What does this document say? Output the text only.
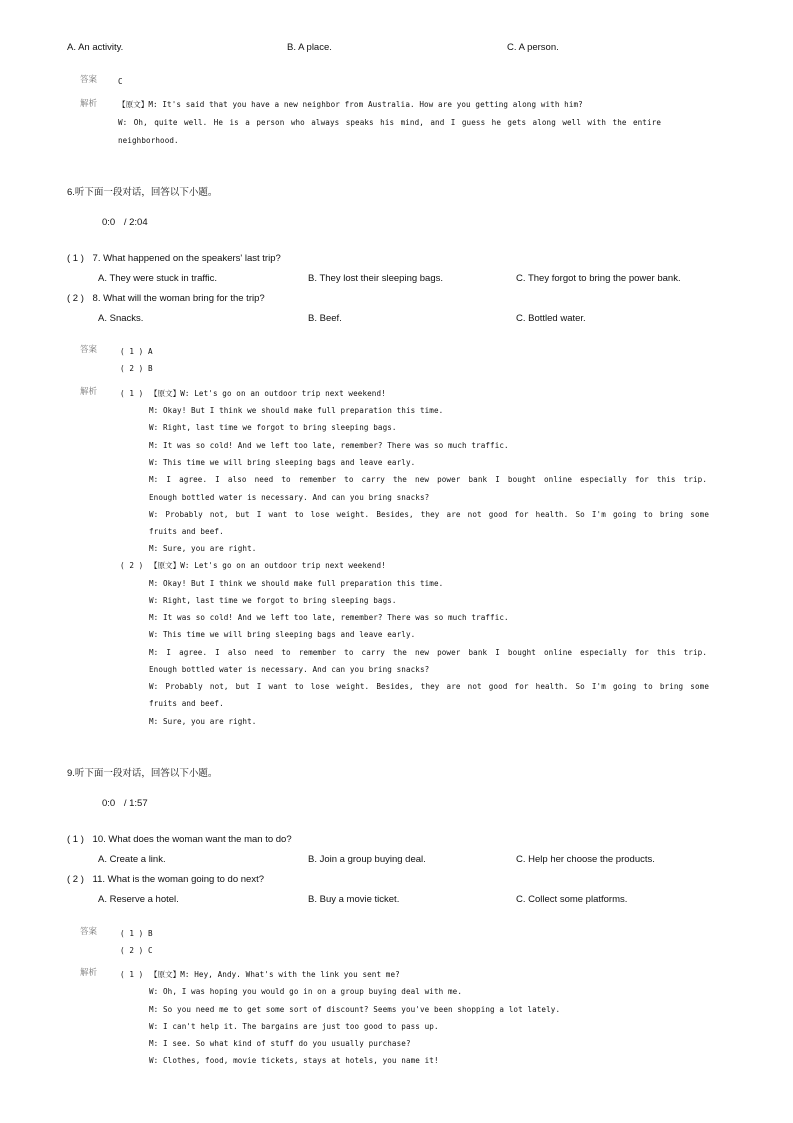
A. An activity.	B. A place.	C. A person.
答案	C
解析	【原文】M: It's said that you have a new neighbor from Australia. How are you getting along with him?
W: Oh, quite well. He is a person who always speaks his mind, and I guess he gets along well with the entire
neighborhood.
6.听下面一段对话，回答以下小题。
0:0 / 2:04
( 1 ) 7. What happened on the speakers' last trip?
A. They were stuck in traffic.	B. They lost their sleeping bags.	C. They forgot to bring the power bank.
( 2 ) 8. What will the woman bring for the trip?
A. Snacks.	B. Beef.	C. Bottled water.
答案	( 1 ) A
( 2 ) B
解析	( 1 ) 【原文】W: Let's go on an outdoor trip next weekend!
M: Okay! But I think we should make full preparation this time.
W: Right, last time we forgot to bring sleeping bags.
M: It was so cold! And we left too late, remember? There was so much traffic.
W: This time we will bring sleeping bags and leave early.
M: I agree. I also need to remember to carry the new power bank I bought online especially for this trip.
Enough bottled water is necessary. And can you bring snacks?
W: Probably not, but I want to lose weight. Besides, they are not good for health. So I'm going to bring some
fruits and beef.
M: Sure, you are right.
( 2 ) 【原文】W: Let's go on an outdoor trip next weekend!
M: Okay! But I think we should make full preparation this time.
W: Right, last time we forgot to bring sleeping bags.
M: It was so cold! And we left too late, remember? There was so much traffic.
W: This time we will bring sleeping bags and leave early.
M: I agree. I also need to remember to carry the new power bank I bought online especially for this trip.
Enough bottled water is necessary. And can you bring snacks?
W: Probably not, but I want to lose weight. Besides, they are not good for health. So I'm going to bring some
fruits and beef.
M: Sure, you are right.
9.听下面一段对话，回答以下小题。
0:0 / 1:57
( 1 ) 10. What does the woman want the man to do?
A. Create a link.	B. Join a group buying deal.	C. Help her choose the products.
( 2 ) 11. What is the woman going to do next?
A. Reserve a hotel.	B. Buy a movie ticket.	C. Collect some platforms.
答案	( 1 ) B
( 2 ) C
解析	( 1 ) 【原文】M: Hey, Andy. What's with the link you sent me?
W: Oh, I was hoping you would go in on a group buying deal with me.
M: So you need me to get some sort of discount? Seems you've been shopping a lot lately.
W: I can't help it. The bargains are just too good to pass up.
M: I see. So what kind of stuff do you usually purchase?
W: Clothes, food, movie tickets, stays at hotels, you name it!
